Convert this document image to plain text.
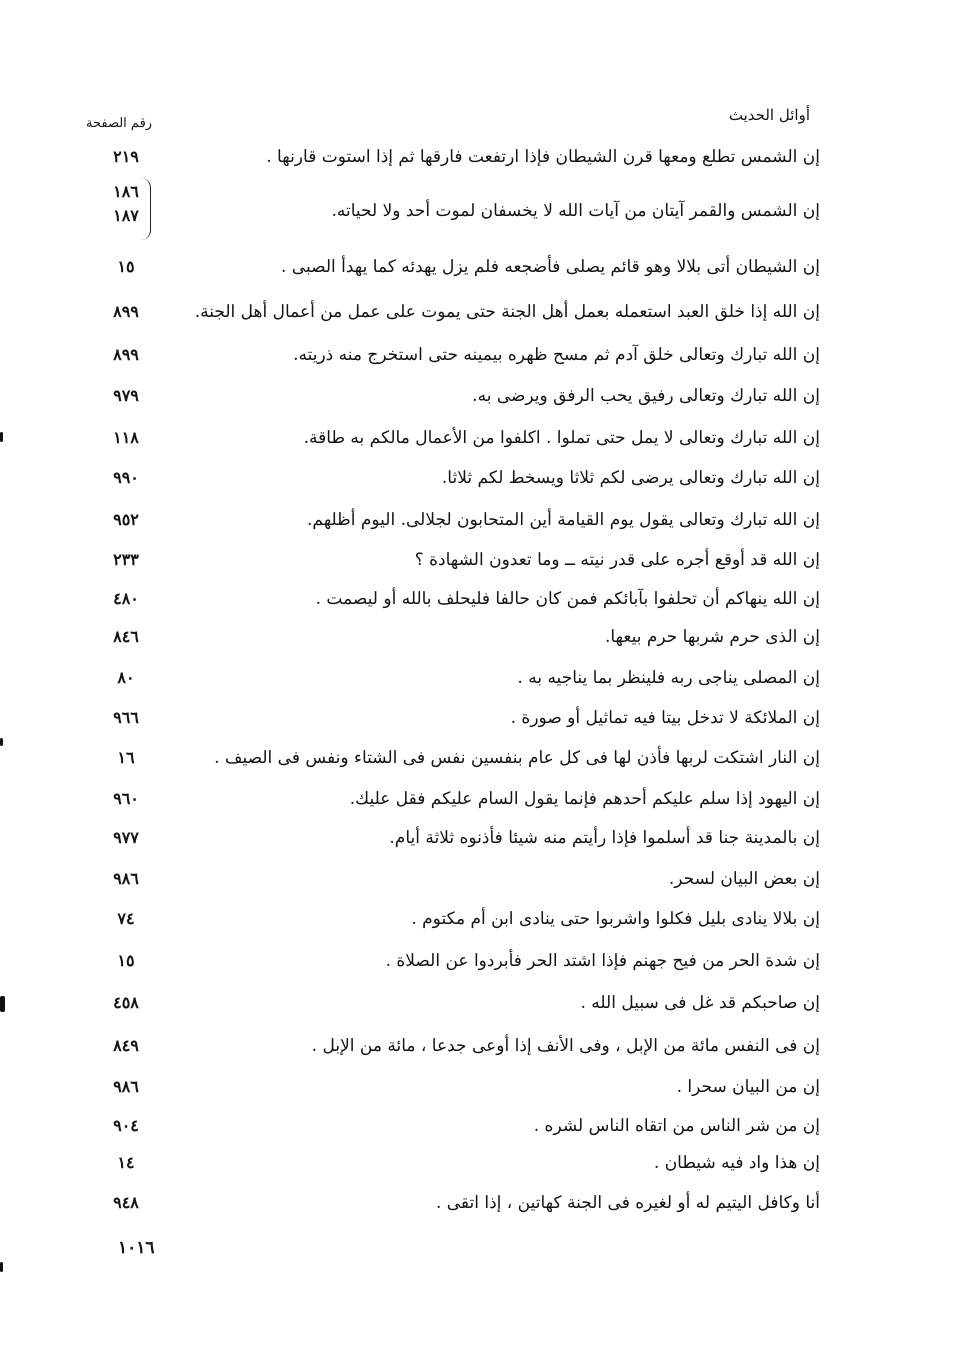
أوائل الحديث
رقم الصفحة
إن الشمس تطلع ومعها قرن الشيطان فإذا ارتفعت فارقها ثم إذا استوت قارنها .
٢١٩
إن الشمس والقمر آيتان من آيات الله لا يخسفان لموت أحد ولا لحياته.
١٨٦
١٨٧
إن الشيطان أتى بلالا وهو قائم يصلى فأضجعه فلم يزل يهدئه كما يهدأ الصبى .
١٥
إن الله إذا خلق العبد استعمله بعمل أهل الجنة حتى يموت على عمل من أعمال أهل الجنة.
٨٩٩
إن الله تبارك وتعالى خلق آدم ثم مسح ظهره بيمينه حتى استخرج منه ذريته.
٨٩٩
إن الله تبارك وتعالى رفيق يحب الرفق ويرضى به.
٩٧٩
إن الله تبارك وتعالى لا يمل حتى تملوا . اكلفوا من الأعمال مالكم به طاقة.
١١٨
إن الله تبارك وتعالى يرضى لكم ثلاثا ويسخط لكم ثلاثا.
٩٩٠
إن الله تبارك وتعالى يقول يوم القيامة أين المتحابون لجلالى. اليوم أظلهم.
٩٥٢
إن الله قد أوقع أجره على قدر نيته ــ وما تعدون الشهادة ؟
٢٣٣
إن الله ينهاكم أن تحلفوا بآبائكم فمن كان حالفا فليحلف بالله أو ليصمت .
٤٨٠
إن الذى حرم شربها حرم بيعها.
٨٤٦
إن المصلى يناجى ربه فلينظر بما يناجيه به .
٨٠
إن الملائكة لا تدخل بيتا فيه تماثيل أو صورة .
٩٦٦
إن النار اشتكت لربها فأذن لها فى كل عام بنفسين نفس فى الشتاء ونفس فى الصيف .
١٦
إن اليهود إذا سلم عليكم أحدهم فإنما يقول السام عليكم فقل عليك.
٩٦٠
إن بالمدينة جنا قد أسلموا فإذا رأيتم منه شيئا فأذنوه ثلاثة أيام.
٩٧٧
إن بعض البيان لسحر.
٩٨٦
إن بلالا ينادى بليل فكلوا واشربوا حتى ينادى ابن أم مكتوم .
٧٤
إن شدة الحر من فيح جهنم فإذا اشتد الحر فأبردوا عن الصلاة .
١٥
إن صاحبكم قد غل فى سبيل الله .
٤٥٨
إن فى النفس مائة من الإبل ، وفى الأنف إذا أوعى جدعا ، مائة من الإبل .
٨٤٩
إن من البيان سحرا .
٩٨٦
إن من شر الناس من اتقاه الناس لشره .
٩٠٤
إن هذا واد فيه شيطان .
١٤
أنا وكافل اليتيم له أو لغيره فى الجنة كهاتين ، إذا اتقى .
٩٤٨
١٠١٦
